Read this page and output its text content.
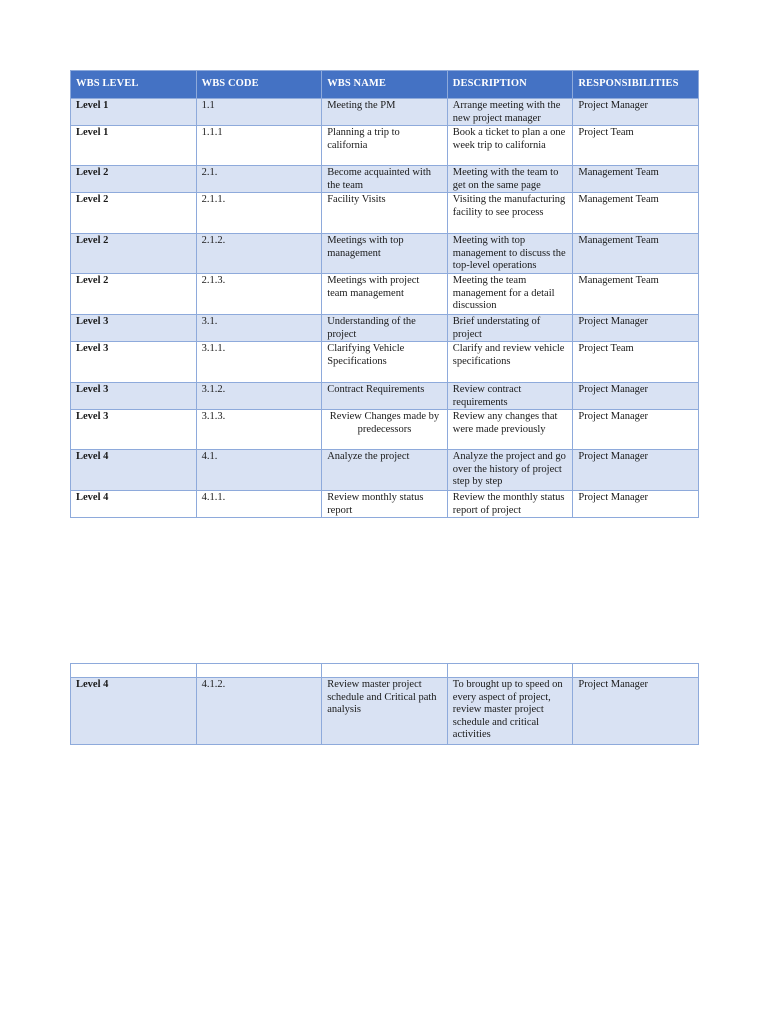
WBS LEVEL	WBS CODE	WBS NAME	DESCRIPTION	RESPONSIBILITIES
Level 1	1.1	Meeting the PM	Arrange meeting with the new project manager	Project Manager
Level 1	1.1.1	Planning a trip to california	Book a ticket to plan a one week trip to california	Project Team
Level 2	2.1.	Become acquainted with the team	Meeting with the team to get on the same page	Management Team
Level 2	2.1.1.	Facility Visits	Visiting the manufacturing facility to see process	Management Team
Level 2	2.1.2.	Meetings with top management	Meeting with top management to discuss the top-level operations	Management Team
Level 2	2.1.3.	Meetings with project team management	Meeting the team management for a detail discussion	Management Team
Level 3	3.1.	Understanding of the project	Brief understating of project	Project Manager
Level 3	3.1.1.	Clarifying Vehicle Specifications	Clarify and review vehicle specifications	Project Team
Level 3	3.1.2.	Contract Requirements	Review contract requirements	Project Manager
Level 3	3.1.3.	Review Changes made by predecessors	Review any changes that were made previously	Project Manager
Level 4	4.1.	Analyze the project	Analyze the project and go over the history of project step by step	Project Manager
Level 4	4.1.1.	Review monthly status report	Review the monthly status report of project	Project Manager

Level 4	4.1.2.	Review master project schedule and Critical path analysis	To brought up to speed on every aspect of project, review master project schedule and critical activities	Project Manager
